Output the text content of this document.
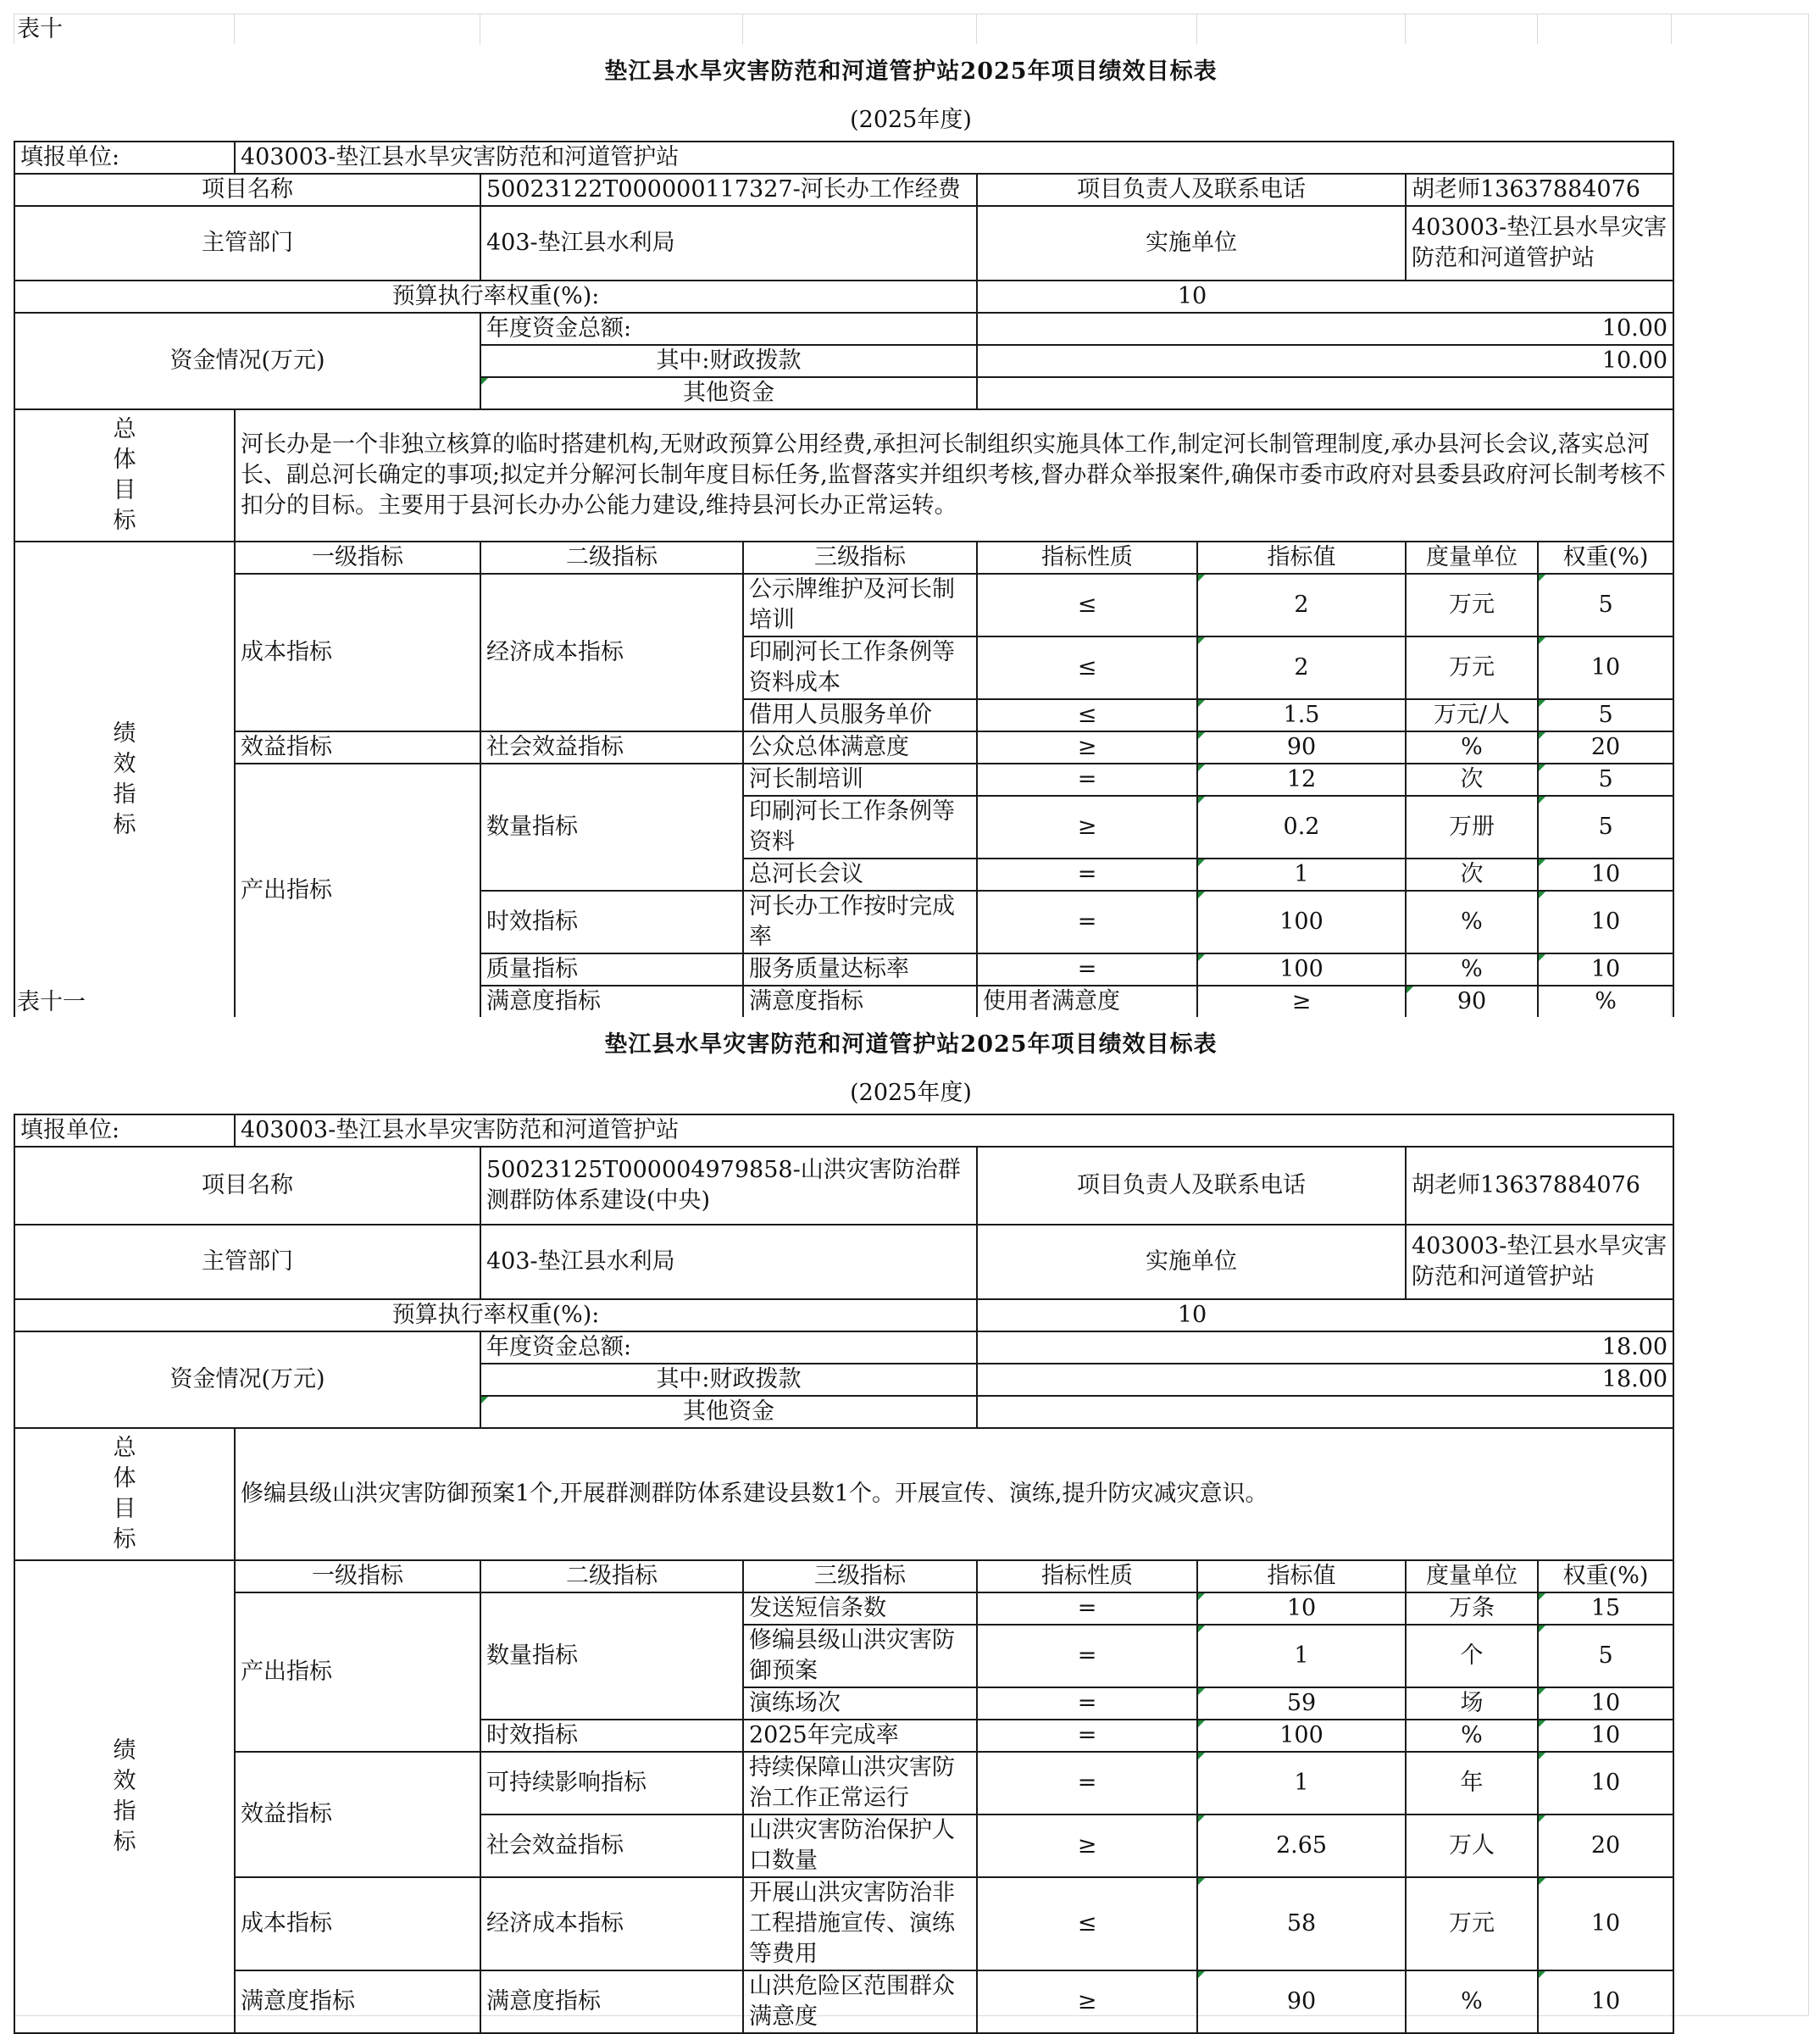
表十
垫江县水旱灾害防范和河道管护站2025年项目绩效目标表
(2025年度)
填报单位:	403003-垫江县水旱灾害防范和河道管护站							
项目名称		50023122T000000117327-河长办工作经费		项目负责人及联系电话		胡老师13637884076		
主管部门		403-垫江县水利局		实施单位		403003-垫江县水旱灾害防范和河道管护站		
预算执行率权重(%):				10				
资金情况(万元)		年度资金总额:		10.00				
		其中:财政拨款		10.00				
		其他资金						

总体目标	河长办是一个非独立核算的临时搭建机构,无财政预算公用经费,承担河长制组织实施具体工作,制定河长制管理制度,承办县河长会议,落实总河长、副总河长确定的事项;拟定并分解河长制年度目标任务,监督落实并组织考核,督办群众举报案件,确保市委市政府对县委县政府河长制考核不扣分的目标。主要用于县河长办办公能力建设,维持县河长办正常运转。							

绩效指标	一级指标	二级指标	三级指标	指标性质	指标值	度量单位	权重(%)	
	成本指标	经济成本指标	公示牌维护及河长制培训	≤	2	万元	5	
			印刷河长工作条例等资料成本	≤	2	万元	10	
			借用人员服务单价	≤	1.5	万元/人	5	
	效益指标	社会效益指标	公众总体满意度	≥	90	%	20	
	产出指标	数量指标	河长制培训	=	12	次	5	
			印刷河长工作条例等资料	≥	0.2	万册	5	
			总河长会议	=	1	次	10	
		时效指标	河长办工作按时完成率	=	100	%	10	
		质量指标	服务质量达标率	=	100	%	10	
		满意度指标	满意度指标	使用者满意度	≥	90	%	
表十一
垫江县水旱灾害防范和河道管护站2025年项目绩效目标表
(2025年度)
填报单位:	403003-垫江县水旱灾害防范和河道管护站						
项目名称		50023125T000004979858-山洪灾害防治群测群防体系建设(中央)		项目负责人及联系电话		胡老师13637884076	
主管部门		403-垫江县水利局		实施单位		403003-垫江县水旱灾害防范和河道管护站	
预算执行率权重(%):				10			
资金情况(万元)		年度资金总额:		18.00			
		其中:财政拨款		18.00			
		其他资金					

总体目标	修编县级山洪灾害防御预案1个,开展群测群防体系建设县数1个。开展宣传、演练,提升防灾减灾意识。						

绩效指标	一级指标	二级指标	三级指标	指标性质	指标值	度量单位	权重(%)
	产出指标	数量指标	发送短信条数	=	10	万条	15
			修编县级山洪灾害防御预案	=	1	个	5
			演练场次	=	59	场	10
		时效指标	2025年完成率	=	100	%	10
	效益指标	可持续影响指标	持续保障山洪灾害防治工作正常运行	=	1	年	10
		社会效益指标	山洪灾害防治保护人口数量	≥	2.65	万人	20
	成本指标	经济成本指标	开展山洪灾害防治非工程措施宣传、演练等费用	≤	58	万元	10
	满意度指标	满意度指标	山洪危险区范围群众满意度	≥	90	%	10
